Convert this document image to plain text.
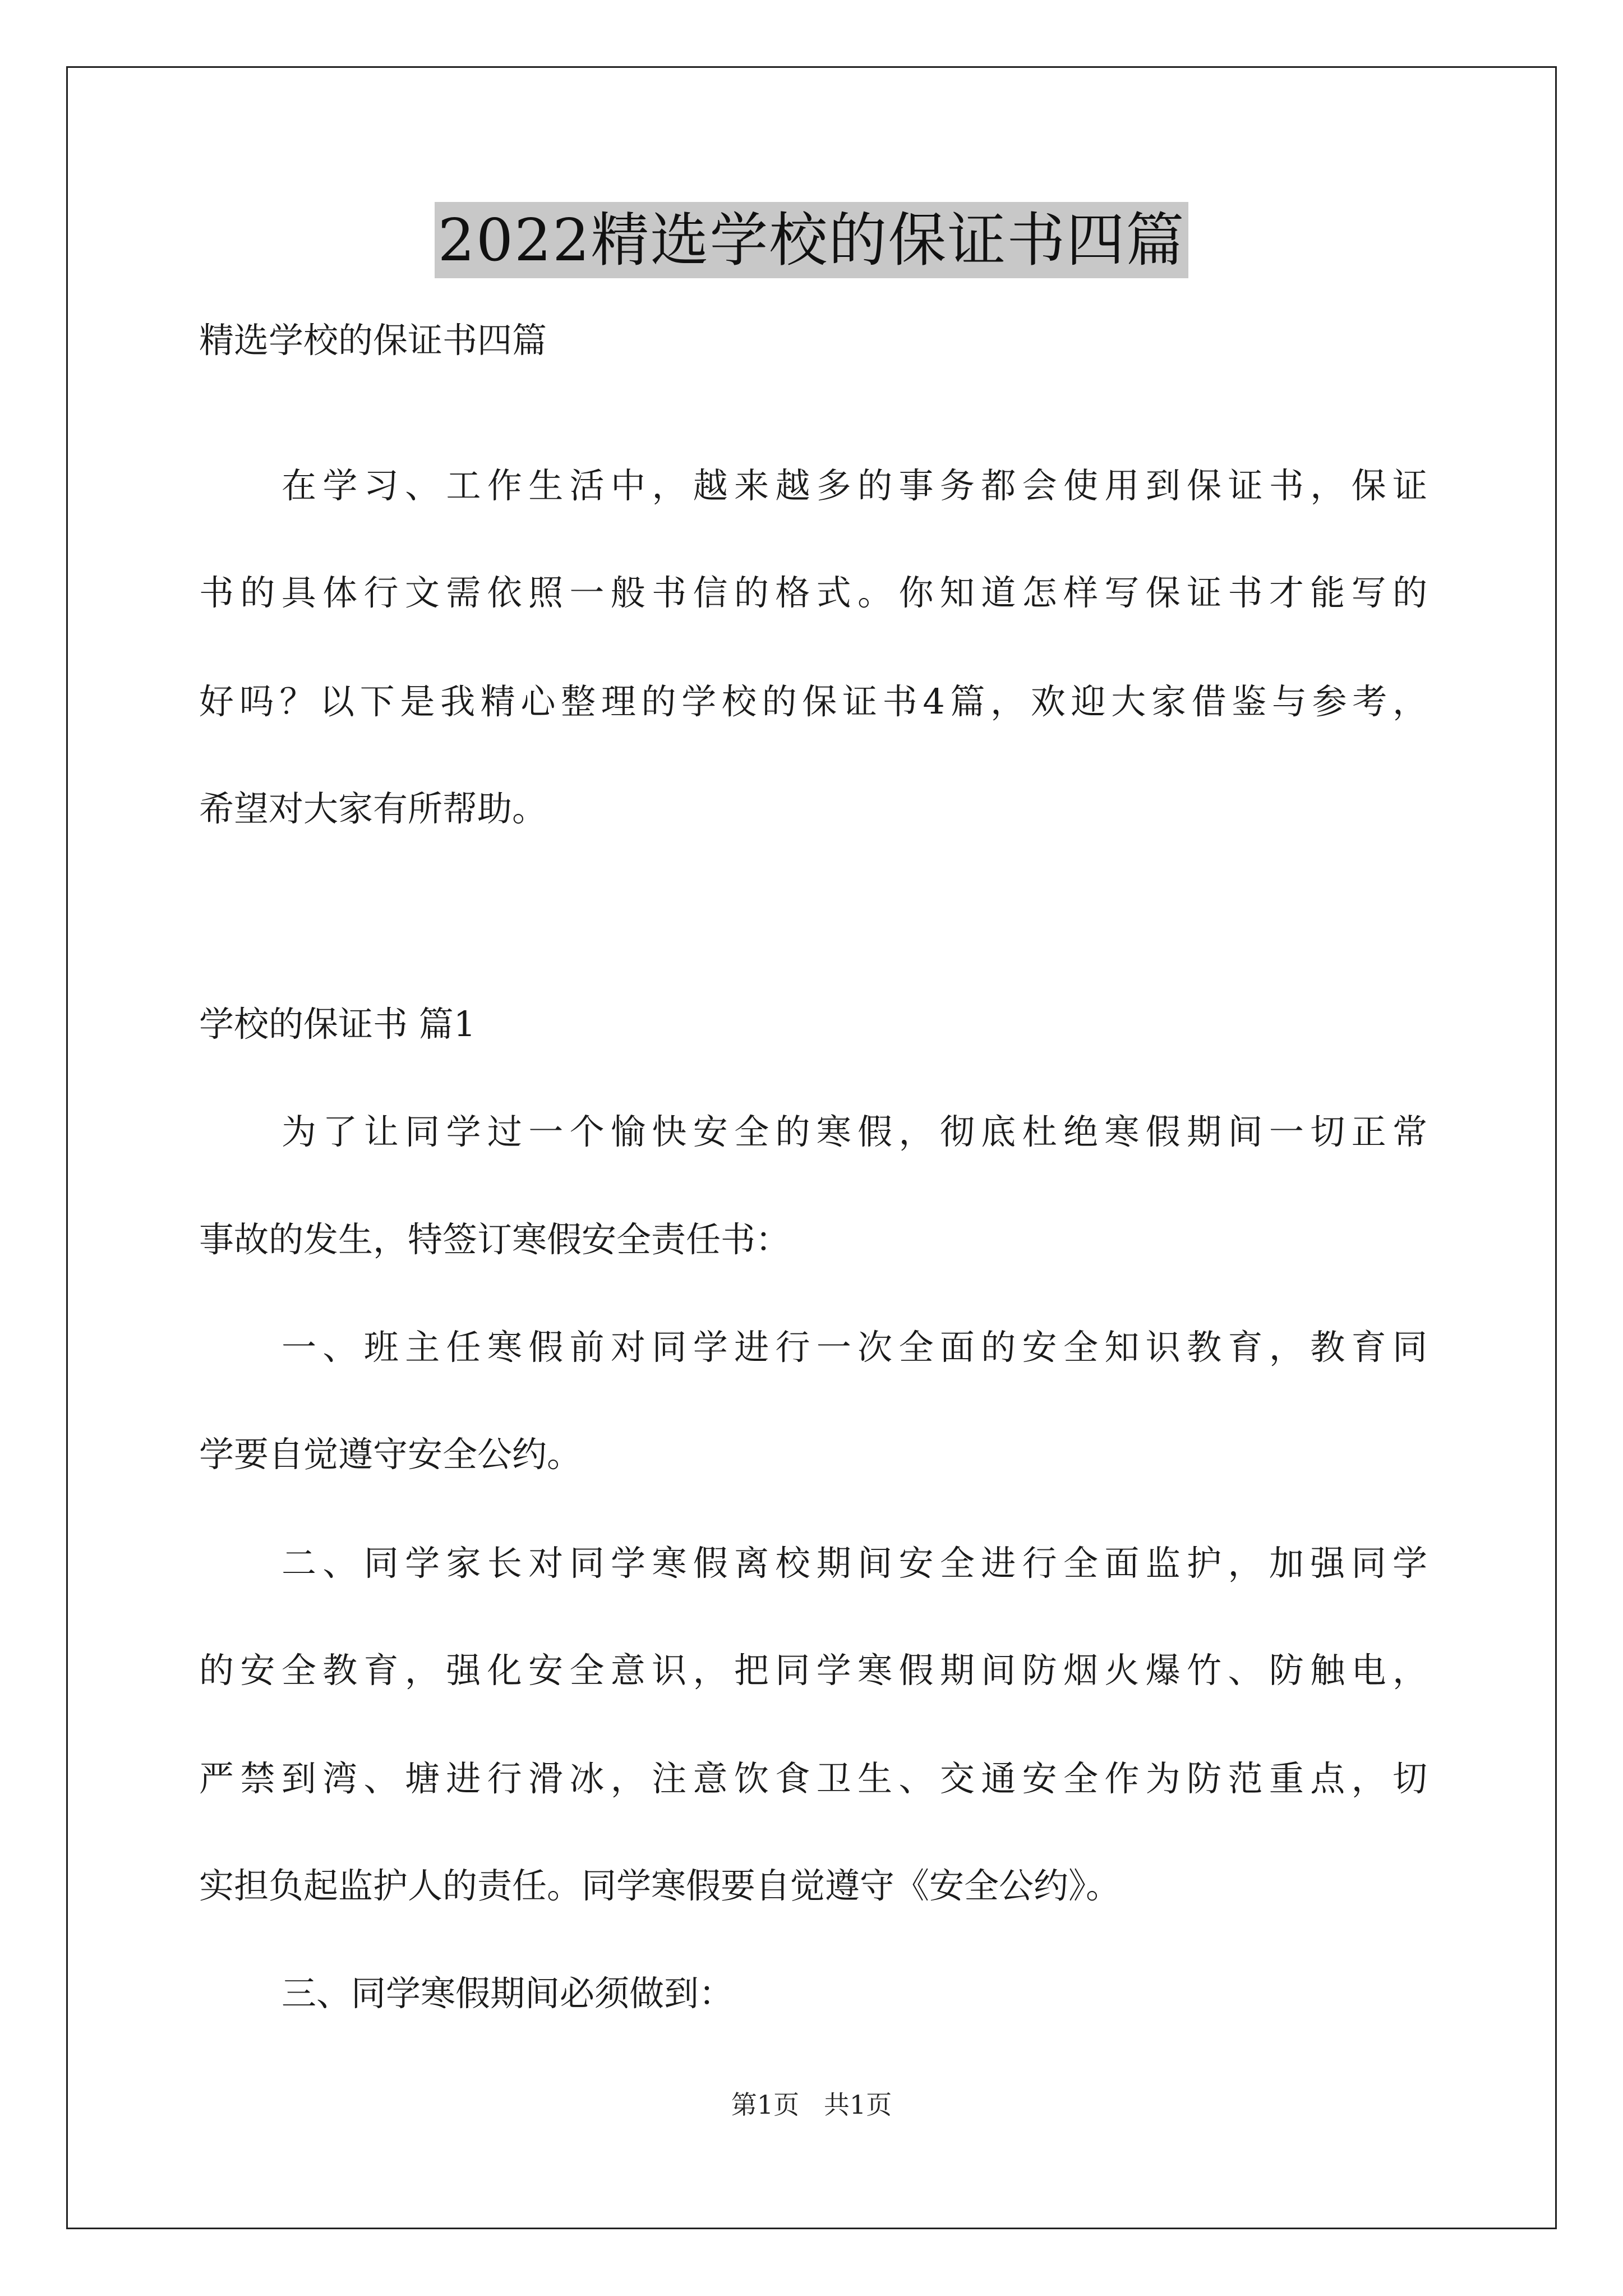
2022精选学校的保证书四篇
精选学校的保证书四篇
在学习、工作生活中，越来越多的事务都会使用到保证书，保证
书的具体行文需依照一般书信的格式。你知道怎样写保证书才能写的
好吗？以下是我精心整理的学校的保证书4篇，欢迎大家借鉴与参考，
希望对大家有所帮助。
学校的保证书 篇1
为了让同学过一个愉快安全的寒假，彻底杜绝寒假期间一切正常
事故的发生，特签订寒假安全责任书：
一、班主任寒假前对同学进行一次全面的安全知识教育，教育同
学要自觉遵守安全公约。
二、同学家长对同学寒假离校期间安全进行全面监护，加强同学
的安全教育，强化安全意识，把同学寒假期间防烟火爆竹、防触电，
严禁到湾、塘进行滑冰，注意饮食卫生、交通安全作为防范重点，切
实担负起监护人的责任。同学寒假要自觉遵守《安全公约》。
三、同学寒假期间必须做到：
第1页   共1页
